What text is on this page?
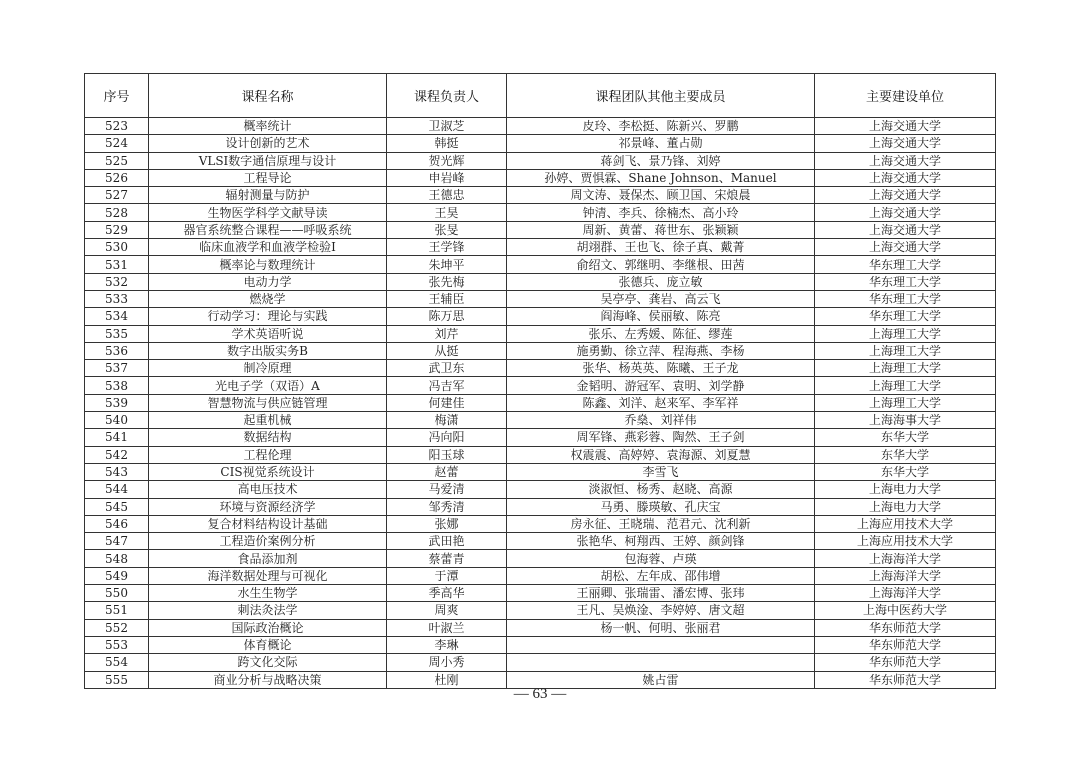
序号	课程名称	课程负责人	课程团队其他主要成员	主要建设单位
523	概率统计	卫淑芝	皮玲、李松挺、陈新兴、罗鹏	上海交通大学
524	设计创新的艺术	韩挺	祁景峰、董占勋	上海交通大学
525	VLSI数字通信原理与设计	贺光辉	蒋剑飞、景乃锋、刘婷	上海交通大学
526	工程导论	申岩峰	孙婷、贾惧霖、Shane Johnson、Manuel	上海交通大学
527	辐射测量与防护	王德忠	周文涛、聂保杰、顾卫国、宋烺晨	上海交通大学
528	生物医学科学文献导读	王昊	钟清、李兵、徐楠杰、高小玲	上海交通大学
529	器官系统整合课程——呼吸系统	张旻	周新、黄蕾、蒋世东、张颖颖	上海交通大学
530	临床血液学和血液学检验I	王学锋	胡翊群、王也飞、徐子真、戴菁	上海交通大学
531	概率论与数理统计	朱坤平	俞绍文、郭继明、李继根、田茜	华东理工大学
532	电动力学	张先梅	张德兵、庞立敏	华东理工大学
533	燃烧学	王辅臣	吴亭亭、龚岩、高云飞	华东理工大学
534	行动学习：理论与实践	陈万思	阎海峰、侯丽敏、陈亮	华东理工大学
535	学术英语听说	刘芹	张乐、左秀媛、陈征、缪莲	上海理工大学
536	数字出版实务B	从挺	施勇勤、徐立萍、程海燕、李杨	上海理工大学
537	制冷原理	武卫东	张华、杨英英、陈曦、王子龙	上海理工大学
538	光电子学（双语）A	冯吉军	金韬明、游冠军、袁明、刘学静	上海理工大学
539	智慧物流与供应链管理	何建佳	陈鑫、刘洋、赵来军、李军祥	上海理工大学
540	起重机械	梅潇	乔燊、刘祥伟	上海海事大学
541	数据结构	冯向阳	周军锋、燕彩蓉、陶然、王子剑	东华大学
542	工程伦理	阳玉球	权震震、高婷婷、袁海源、刘夏慧	东华大学
543	CIS视觉系统设计	赵蕾	李雪飞	东华大学
544	高电压技术	马爱清	淡淑恒、杨秀、赵晓、高源	上海电力大学
545	环境与资源经济学	邹秀清	马勇、滕瑛敏、孔庆宝	上海电力大学
546	复合材料结构设计基础	张娜	房永征、王晓瑞、范君元、沈利新	上海应用技术大学
547	工程造价案例分析	武田艳	张艳华、柯翔西、王婷、颜剑锋	上海应用技术大学
548	食品添加剂	蔡蕾青	包海蓉、卢瑛	上海海洋大学
549	海洋数据处理与可视化	于潭	胡松、左年成、邵伟增	上海海洋大学
550	水生生物学	季高华	王丽卿、张瑞雷、潘宏博、张玮	上海海洋大学
551	刺法灸法学	周爽	王凡、吴焕淦、李婷婷、唐文超	上海中医药大学
552	国际政治概论	叶淑兰	杨一帆、何明、张丽君	华东师范大学
553	体育概论	李琳		华东师范大学
554	跨文化交际	周小秀		华东师范大学
555	商业分析与战略决策	杜刚	姚占雷	华东师范大学
— 63 —
